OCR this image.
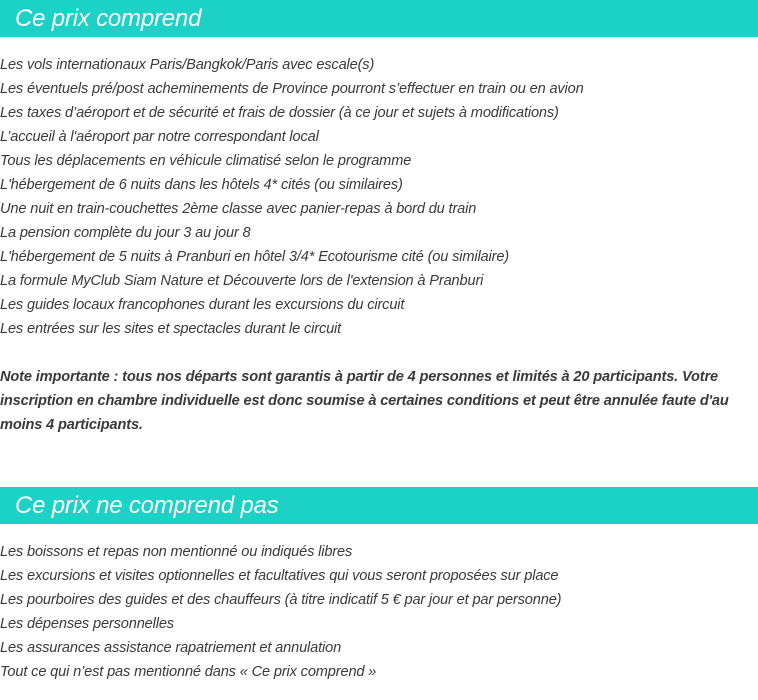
Ce prix comprend
Les vols internationaux Paris/Bangkok/Paris avec escale(s)
Les éventuels pré/post acheminements de Province pourront s’effectuer en train ou en avion
Les taxes d’aéroport et de sécurité et frais de dossier (à ce jour et sujets à modifications)
L’accueil à l'aéroport par notre correspondant local
Tous les déplacements en véhicule climatisé selon le programme
L'hébergement de 6 nuits dans les hôtels 4* cités (ou similaires)
Une nuit en train-couchettes 2ème classe avec panier-repas à bord du train
La pension complète du jour 3 au jour 8
L'hébergement de 5 nuits à Pranburi en hôtel 3/4* Ecotourisme cité (ou similaire)
La formule MyClub Siam Nature et Découverte lors de l'extension à Pranburi
Les guides locaux francophones durant les excursions du circuit
Les entrées sur les sites et spectacles durant le circuit

Note importante : tous nos départs sont garantis à partir de 4 personnes et limités à 20 participants. Votre inscription en chambre individuelle est donc soumise à certaines conditions et peut être annulée faute d'au moins 4 participants.

Ce prix ne comprend pas
Les boissons et repas non mentionné ou indiqués libres
Les excursions et visites optionnelles et facultatives qui vous seront proposées sur place
Les pourboires des guides et des chauffeurs (à titre indicatif 5 € par jour et par personne)
Les dépenses personnelles
Les assurances assistance rapatriement et annulation
Tout ce qui n’est pas mentionné dans « Ce prix comprend »
